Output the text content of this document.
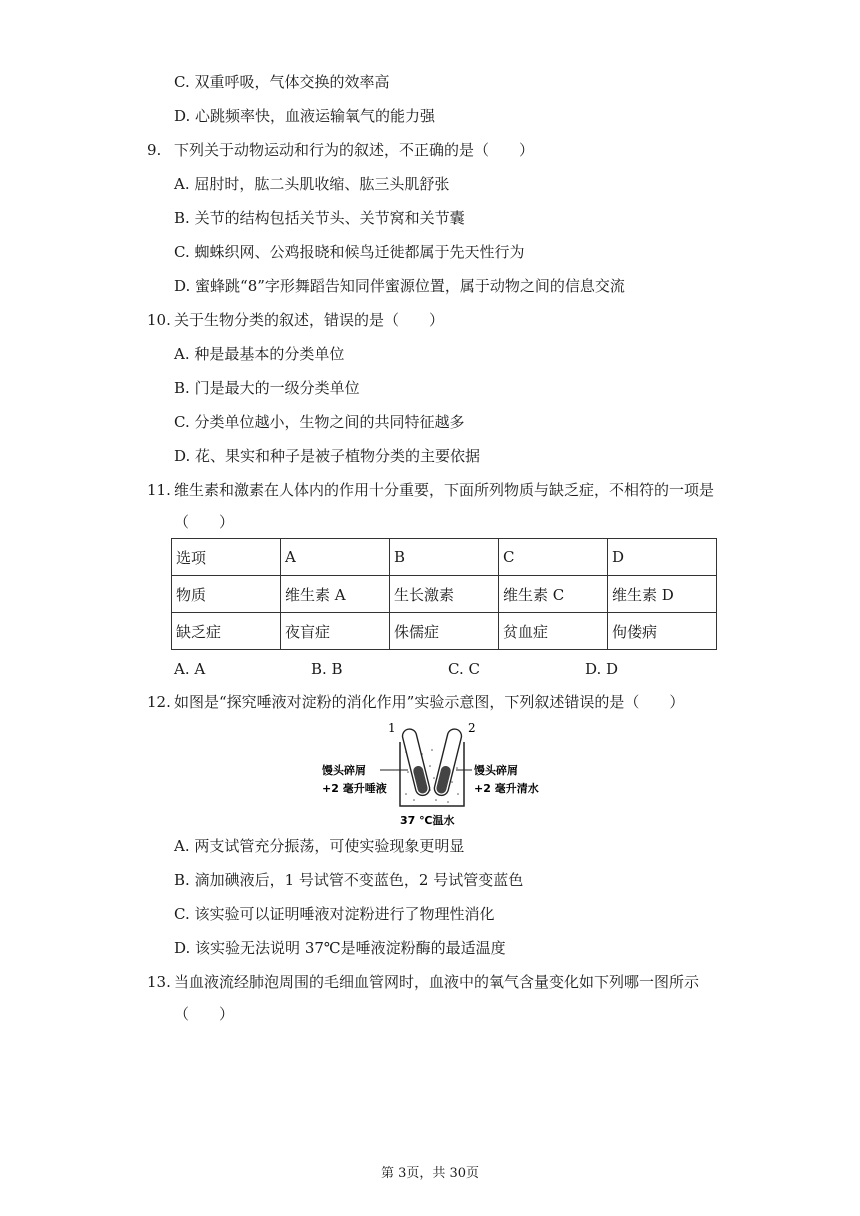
C. 双重呼吸，气体交换的效率高
D. 心跳频率快，血液运输氧气的能力强
9. 下列关于动物运动和行为的叙述，不正确的是（　　）
A. 屈肘时，肱二头肌收缩、肱三头肌舒张
B. 关节的结构包括关节头、关节窝和关节囊
C. 蜘蛛织网、公鸡报晓和候鸟迁徙都属于先天性行为
D. 蜜蜂跳“8”字形舞蹈告知同伴蜜源位置，属于动物之间的信息交流
10. 关于生物分类的叙述，错误的是（　　）
A. 种是最基本的分类单位
B. 门是最大的一级分类单位
C. 分类单位越小，生物之间的共同特征越多
D. 花、果实和种子是被子植物分类的主要依据
11. 维生素和激素在人体内的作用十分重要，下面所列物质与缺乏症，不相符的一项是
（　　）
选项	A	B	C	D
物质	维生素 A	生长激素	维生素 C	维生素 D
缺乏症	夜盲症	侏儒症	贫血症	佝偻病
A. A	B. B	C. C	D. D
12. 如图是“探究唾液对淀粉的消化作用”实验示意图，下列叙述错误的是（　　）
1	2
馒头碎屑
+2 毫升唾液
馒头碎屑
+2 毫升清水
37 ℃温水
A. 两支试管充分振荡，可使实验现象更明显
B. 滴加碘液后，1 号试管不变蓝色，2 号试管变蓝色
C. 该实验可以证明唾液对淀粉进行了物理性消化
D. 该实验无法说明 37℃是唾液淀粉酶的最适温度
13. 当血液流经肺泡周围的毛细血管网时，血液中的氧气含量变化如下列哪一图所示
（　　）
第 3页，共 30页
